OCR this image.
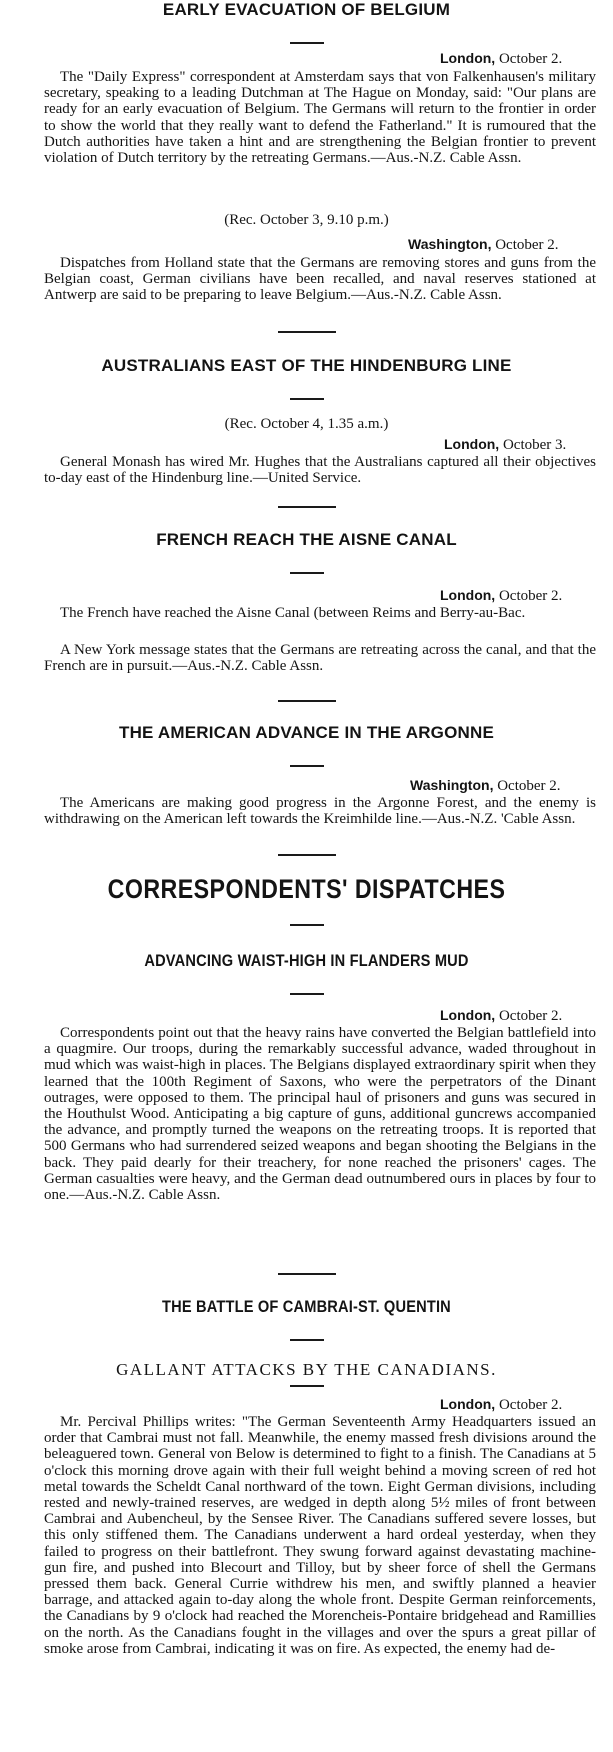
EARLY EVACUATION OF BELGIUM
London, October 2.
The "Daily Express" correspondent at Amsterdam says that von Falkenhausen's military secretary, speaking to a leading Dutchman at The Hague on Monday, said: "Our plans are ready for an early evacuation of Belgium. The Germans will return to the frontier in order to show the world that they really want to defend the Fatherland." It is rumoured that the Dutch authorities have taken a hint and are strengthening the Belgian frontier to prevent violation of Dutch territory by the retreating Germans.—Aus.-N.Z. Cable Assn.
(Rec. October 3, 9.10 p.m.)
Washington, October 2.
Dispatches from Holland state that the Germans are removing stores and guns from the Belgian coast, German civilians have been recalled, and naval reserves stationed at Antwerp are said to be preparing to leave Belgium.—Aus.-N.Z. Cable Assn.
AUSTRALIANS EAST OF THE HINDENBURG LINE
(Rec. October 4, 1.35 a.m.)
London, October 3.
General Monash has wired Mr. Hughes that the Australians captured all their objectives to-day east of the Hindenburg line.—United Service.
FRENCH REACH THE AISNE CANAL
London, October 2.
The French have reached the Aisne Canal (between Reims and Berry-au-Bac.
A New York message states that the Germans are retreating across the canal, and that the French are in pursuit.—Aus.-N.Z. Cable Assn.
THE AMERICAN ADVANCE IN THE ARGONNE
Washington, October 2.
The Americans are making good progress in the Argonne Forest, and the enemy is withdrawing on the American left towards the Kreimhilde line.—Aus.-N.Z. 'Cable Assn.
CORRESPONDENTS' DISPATCHES
ADVANCING WAIST-HIGH IN FLANDERS MUD
London, October 2.
Correspondents point out that the heavy rains have converted the Belgian battlefield into a quagmire. Our troops, during the remarkably successful advance, waded throughout in mud which was waist-high in places. The Belgians displayed extraordinary spirit when they learned that the 100th Regiment of Saxons, who were the perpetrators of the Dinant outrages, were opposed to them. The principal haul of prisoners and guns was secured in the Houthulst Wood. Anticipating a big capture of guns, additional guncrews accompanied the advance, and promptly turned the weapons on the retreating troops. It is reported that 500 Germans who had surrendered seized weapons and began shooting the Belgians in the back. They paid dearly for their treachery, for none reached the prisoners' cages. The German casualties were heavy, and the German dead outnumbered ours in places by four to one.—Aus.-N.Z. Cable Assn.
THE BATTLE OF CAMBRAI-ST. QUENTIN
GALLANT ATTACKS BY THE CANADIANS.
London, October 2.
Mr. Percival Phillips writes: "The German Seventeenth Army Headquarters issued an order that Cambrai must not fall. Meanwhile, the enemy massed fresh divisions around the beleaguered town. General von Below is determined to fight to a finish. The Canadians at 5 o'clock this morning drove again with their full weight behind a moving screen of red hot metal towards the Scheldt Canal northward of the town. Eight German divisions, including rested and newly-trained reserves, are wedged in depth along 5½ miles of front between Cambrai and Aubencheul, by the Sensee River. The Canadians suffered severe losses, but this only stiffened them. The Canadians underwent a hard ordeal yesterday, when they failed to progress on their battlefront. They swung forward against devastating machine-gun fire, and pushed into Blecourt and Tilloy, but by sheer force of shell the Germans pressed them back. General Currie withdrew his men, and swiftly planned a heavier barrage, and attacked again to-day along the whole front. Despite German reinforcements, the Canadians by 9 o'clock had reached the Morencheis-Pontaire bridgehead and Ramillies on the north. As the Canadians fought in the villages and over the spurs a great pillar of smoke arose from Cambrai, indicating it was on fire. As expected, the enemy had de-
